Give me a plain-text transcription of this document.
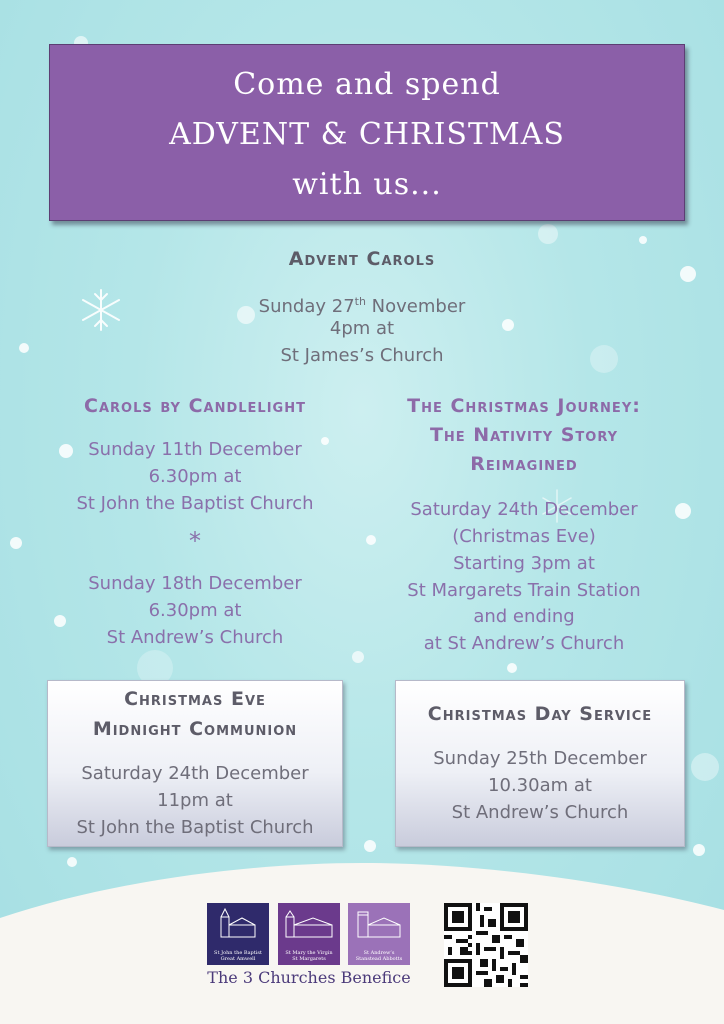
Come and spend
ADVENT & CHRISTMAS
with us...
Advent Carols
Sunday 27th November
4pm at
St James’s Church
Carols by Candlelight
Sunday 11th December
6.30pm at
St John the Baptist Church
*
Sunday 18th December
6.30pm at
St Andrew’s Church
The Christmas Journey:
The Nativity Story
Reimagined
Saturday 24th December
(Christmas Eve)
Starting 3pm at
St Margarets Train Station
and ending
at St Andrew’s Church
Christmas Eve
Midnight Communion
Saturday 24th December
11pm at
St John the Baptist Church
Christmas Day Service
Sunday 25th December
10.30am at
St Andrew’s Church
St John the Baptist
Great Amwell
St Mary the Virgin
St Margarets
St Andrew’s
Stanstead Abbotts
The 3 Churches Benefice
